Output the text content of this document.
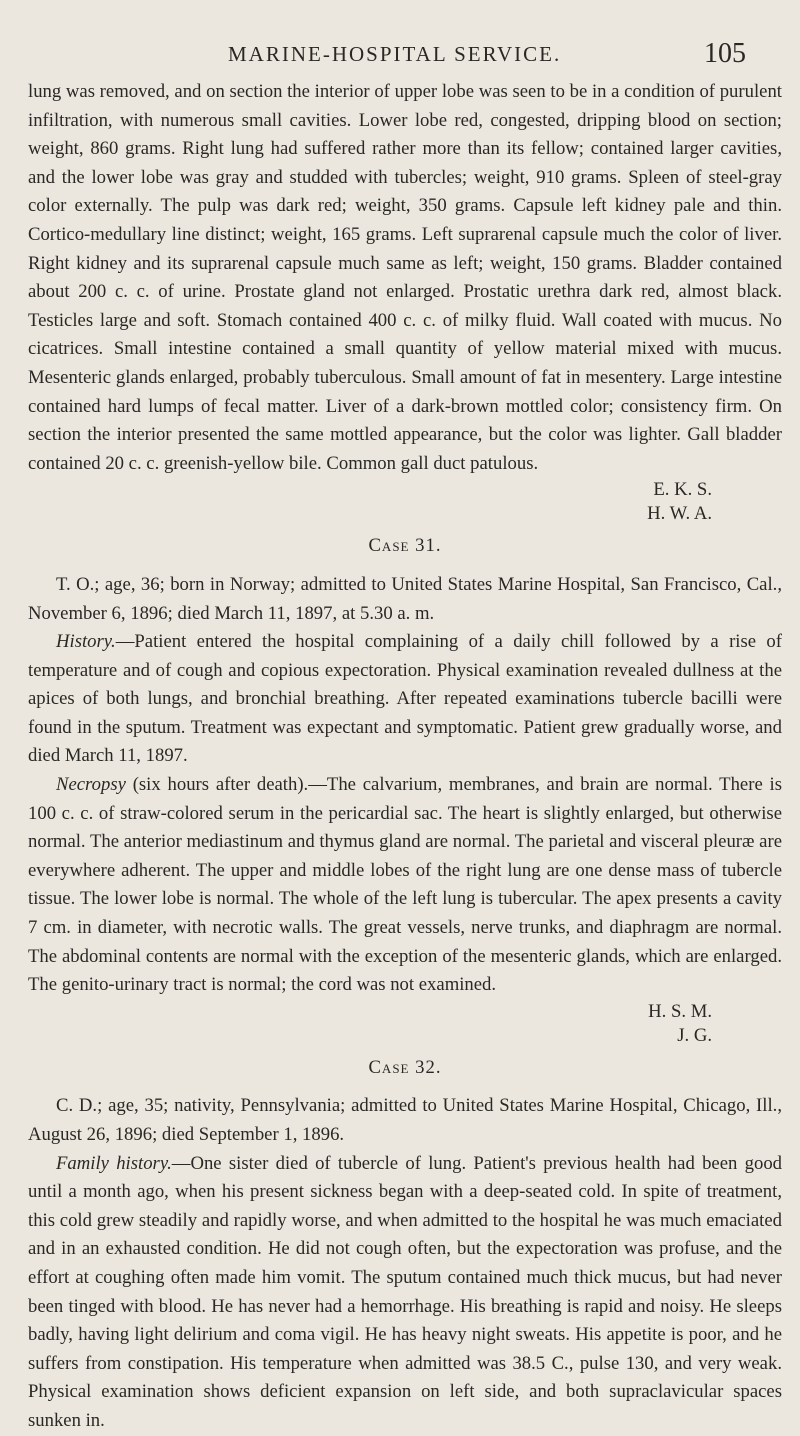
MARINE-HOSPITAL SERVICE.	105

lung was removed, and on section the interior of upper lobe was seen to be in a condition of purulent infiltration, with numerous small cavities. Lower lobe red, congested, dripping blood on section; weight, 860 grams. Right lung had suffered rather more than its fellow; contained larger cavities, and the lower lobe was gray and studded with tubercles; weight, 910 grams. Spleen of steel-gray color externally. The pulp was dark red; weight, 350 grams. Capsule left kidney pale and thin. Cortico-medullary line distinct; weight, 165 grams. Left suprarenal capsule much the color of liver. Right kidney and its suprarenal capsule much same as left; weight, 150 grams. Bladder contained about 200 c. c. of urine. Prostate gland not enlarged. Prostatic urethra dark red, almost black. Testicles large and soft. Stomach contained 400 c. c. of milky fluid. Wall coated with mucus. No cicatrices. Small intestine contained a small quantity of yellow material mixed with mucus. Mesenteric glands enlarged, probably tuberculous. Small amount of fat in mesentery. Large intestine contained hard lumps of fecal matter. Liver of a dark-brown mottled color; consistency firm. On section the interior presented the same mottled appearance, but the color was lighter. Gall bladder contained 20 c. c. greenish-yellow bile. Common gall duct patulous.

E. K. S.
H. W. A.
Case 31.

T. O.; age, 36; born in Norway; admitted to United States Marine Hospital, San Francisco, Cal., November 6, 1896; died March 11, 1897, at 5.30 a. m.

History.—Patient entered the hospital complaining of a daily chill followed by a rise of temperature and of cough and copious expectoration. Physical examination revealed dullness at the apices of both lungs, and bronchial breathing. After repeated examinations tubercle bacilli were found in the sputum. Treatment was expectant and symptomatic. Patient grew gradually worse, and died March 11, 1897.

Necropsy (six hours after death).—The calvarium, membranes, and brain are normal. There is 100 c. c. of straw-colored serum in the pericardial sac. The heart is slightly enlarged, but otherwise normal. The anterior mediastinum and thymus gland are normal. The parietal and visceral pleuræ are everywhere adherent. The upper and middle lobes of the right lung are one dense mass of tubercle tissue. The lower lobe is normal. The whole of the left lung is tubercular. The apex presents a cavity 7 cm. in diameter, with necrotic walls. The great vessels, nerve trunks, and diaphragm are normal. The abdominal contents are normal with the exception of the mesenteric glands, which are enlarged. The genito-urinary tract is normal; the cord was not examined.

H. S. M.
J. G.
Case 32.

C. D.; age, 35; nativity, Pennsylvania; admitted to United States Marine Hospital, Chicago, Ill., August 26, 1896; died September 1, 1896.

Family history.—One sister died of tubercle of lung. Patient's previous health had been good until a month ago, when his present sickness began with a deep-seated cold. In spite of treatment, this cold grew steadily and rapidly worse, and when admitted to the hospital he was much emaciated and in an exhausted condition. He did not cough often, but the expectoration was profuse, and the effort at coughing often made him vomit. The sputum contained much thick mucus, but had never been tinged with blood. He has never had a hemorrhage. His breathing is rapid and noisy. He sleeps badly, having light delirium and coma vigil. He has heavy night sweats. His appetite is poor, and he suffers from constipation. His temperature when admitted was 38.5 C., pulse 130, and very weak. Physical examination shows deficient expansion on left side, and both supraclavicular spaces sunken in.
